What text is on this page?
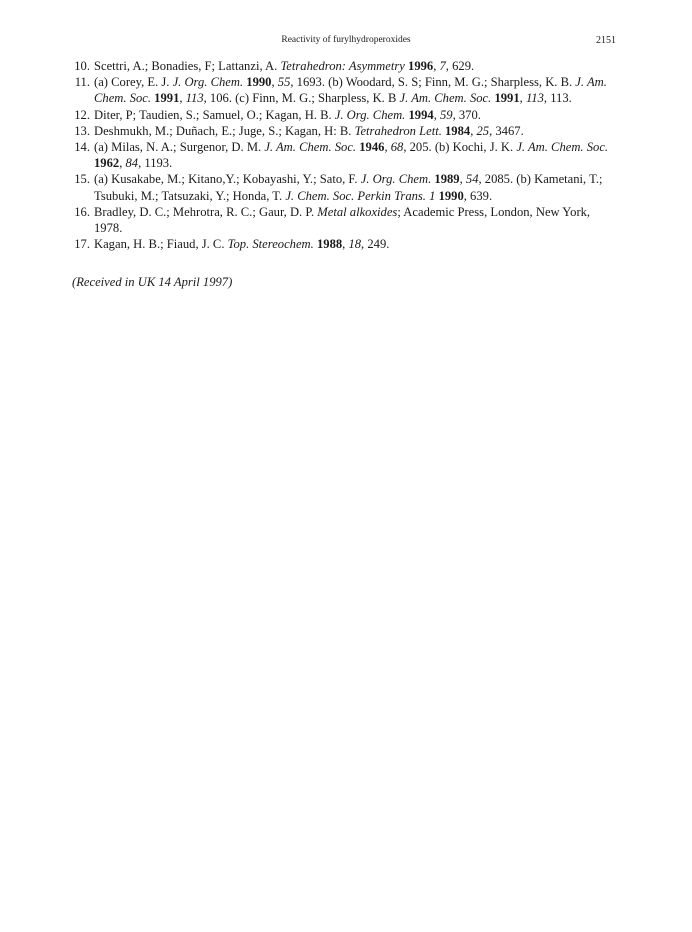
Reactivity of furylhydroperoxides	2151
10. Scettri, A.; Bonadies, F; Lattanzi, A. Tetrahedron: Asymmetry 1996, 7, 629.
11. (a) Corey, E. J. J. Org. Chem. 1990, 55, 1693. (b) Woodard, S. S; Finn, M. G.; Sharpless, K. B. J. Am. Chem. Soc. 1991, 113, 106. (c) Finn, M. G.; Sharpless, K. B J. Am. Chem. Soc. 1991, 113, 113.
12. Diter, P; Taudien, S.; Samuel, O.; Kagan, H. B. J. Org. Chem. 1994, 59, 370.
13. Deshmukh, M.; Duñach, E.; Juge, S.; Kagan, H: B. Tetrahedron Lett. 1984, 25, 3467.
14. (a) Milas, N. A.; Surgenor, D. M. J. Am. Chem. Soc. 1946, 68, 205. (b) Kochi, J. K. J. Am. Chem. Soc. 1962, 84, 1193.
15. (a) Kusakabe, M.; Kitano,Y.; Kobayashi, Y.; Sato, F. J. Org. Chem. 1989, 54, 2085. (b) Kametani, T.; Tsubuki, M.; Tatsuzaki, Y.; Honda, T. J. Chem. Soc. Perkin Trans. 1 1990, 639.
16. Bradley, D. C.; Mehrotra, R. C.; Gaur, D. P. Metal alkoxides; Academic Press, London, New York, 1978.
17. Kagan, H. B.; Fiaud, J. C. Top. Stereochem. 1988, 18, 249.
(Received in UK 14 April 1997)
